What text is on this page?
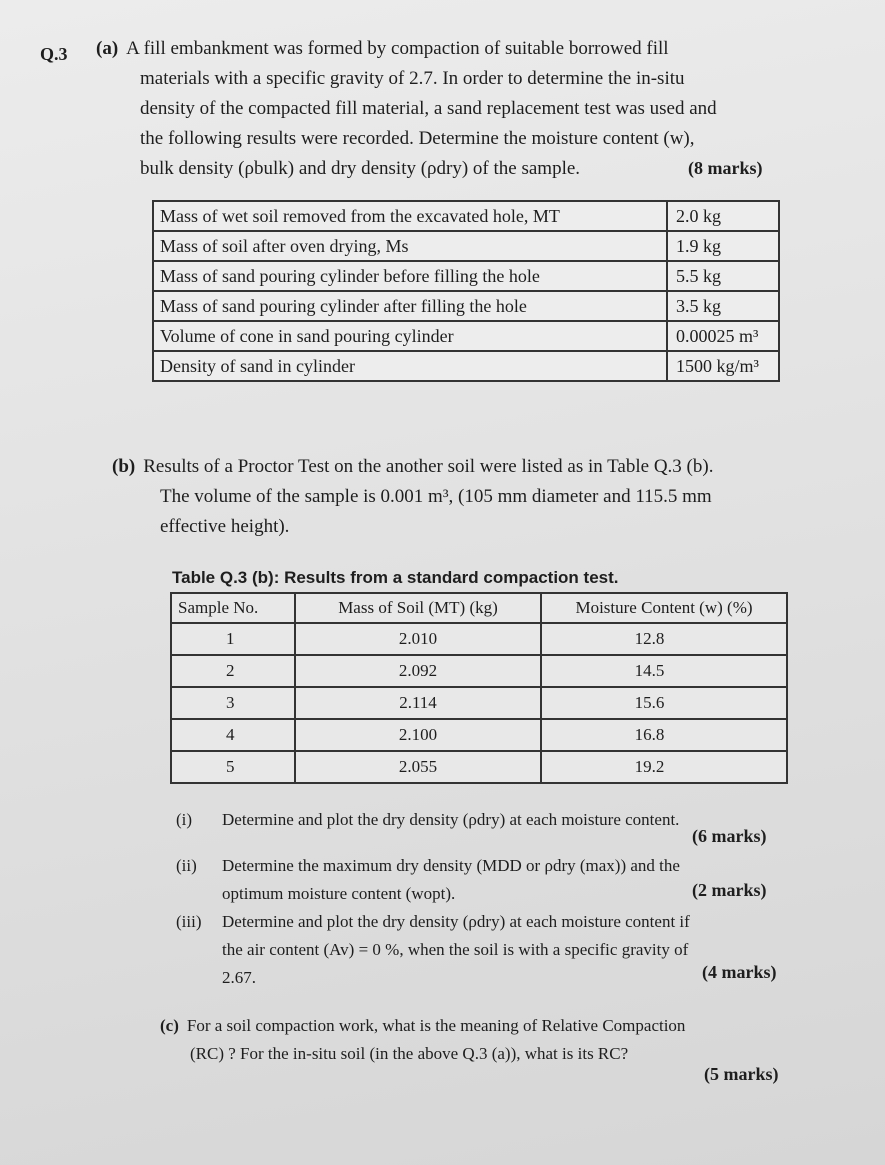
Q.3 (a) A fill embankment was formed by compaction of suitable borrowed fill
materials with a specific gravity of 2.7. In order to determine the in-situ
density of the compacted fill material, a sand replacement test was used and
the following results were recorded. Determine the moisture content (w),
bulk density (ρbulk) and dry density (ρdry) of the sample.	(8 marks)
Mass of wet soil removed from the excavated hole, MT	2.0 kg
Mass of soil after oven drying, Ms	1.9 kg
Mass of sand pouring cylinder before filling the hole	5.5 kg
Mass of sand pouring cylinder after filling the hole	3.5 kg
Volume of cone in sand pouring cylinder	0.00025 m³
Density of sand in cylinder	1500 kg/m³
(b) Results of a Proctor Test on the another soil were listed as in Table Q.3 (b).
The volume of the sample is 0.001 m³, (105 mm diameter and 115.5 mm
effective height).
Table Q.3 (b): Results from a standard compaction test.
Sample No.	Mass of Soil (MT) (kg)	Moisture Content (w) (%)
1	2.010	12.8
2	2.092	14.5
3	2.114	15.6
4	2.100	16.8
5	2.055	19.2
(i) Determine and plot the dry density (ρdry) at each moisture content.
(6 marks)
(ii) Determine the maximum dry density (MDD or ρdry (max)) and the
optimum moisture content (wopt).	(2 marks)
(iii) Determine and plot the dry density (ρdry) at each moisture content if
the air content (Av) = 0 %, when the soil is with a specific gravity of
2.67.	(4 marks)
(c) For a soil compaction work, what is the meaning of Relative Compaction
(RC) ? For the in-situ soil (in the above Q.3 (a)), what is its RC?
(5 marks)
